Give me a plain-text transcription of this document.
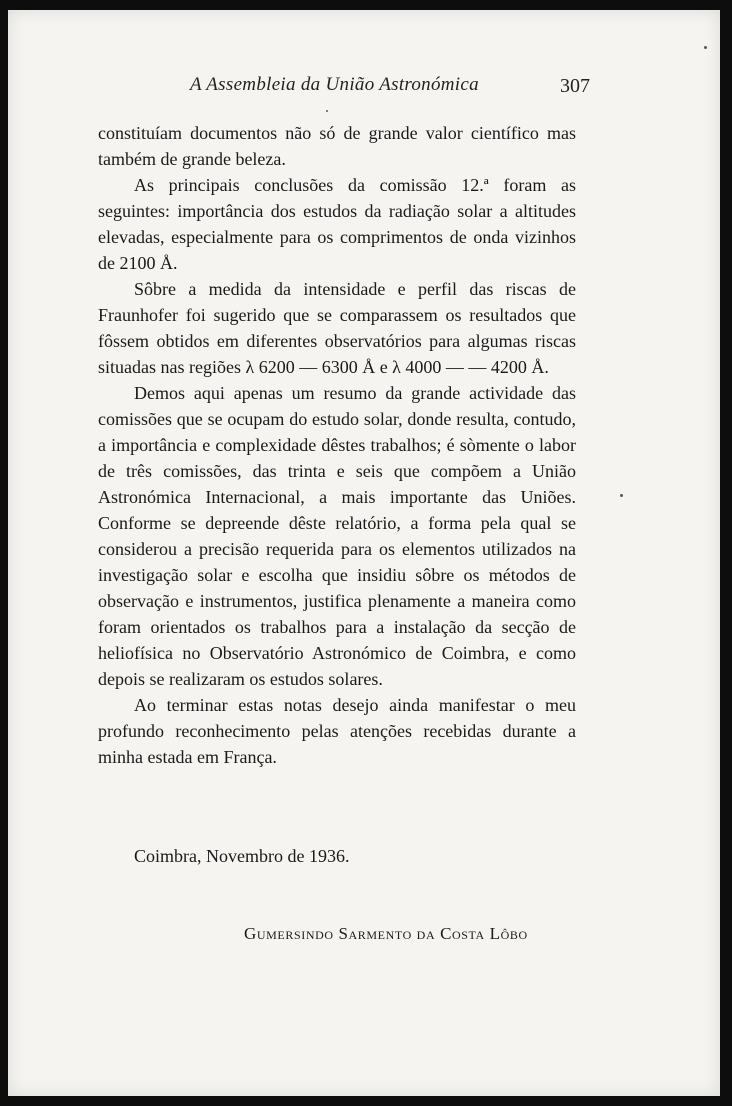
A Assembleia da União Astronómica	307

constituíam documentos não só de grande valor científico mas também de grande beleza.

As principais conclusões da comissão 12.ª foram as seguintes: importância dos estudos da radiação solar a altitudes elevadas, especialmente para os comprimentos de onda vizinhos de 2100 Å.

Sôbre a medida da intensidade e perfil das riscas de Fraunhofer foi sugerido que se comparassem os resultados que fôssem obtidos em diferentes observatórios para algumas riscas situadas nas regiões λ 6200 — 6300 Å e λ 4000 — — 4200 Å.

Demos aqui apenas um resumo da grande actividade das comissões que se ocupam do estudo solar, donde resulta, contudo, a importância e complexidade dêstes trabalhos; é sòmente o labor de três comissões, das trinta e seis que compõem a União Astronómica Internacional, a mais importante das Uniões. Conforme se depreende dêste relatório, a forma pela qual se considerou a precisão requerida para os elementos utilizados na investigação solar e escolha que insidiu sôbre os métodos de observação e instrumentos, justifica plenamente a maneira como foram orientados os trabalhos para a instalação da secção de heliofísica no Observatório Astronómico de Coimbra, e como depois se realizaram os estudos solares.

Ao terminar estas notas desejo ainda manifestar o meu profundo reconhecimento pelas atenções recebidas durante a minha estada em França.

Coimbra, Novembro de 1936.
Gumersindo Sarmento da Costa Lôbo
